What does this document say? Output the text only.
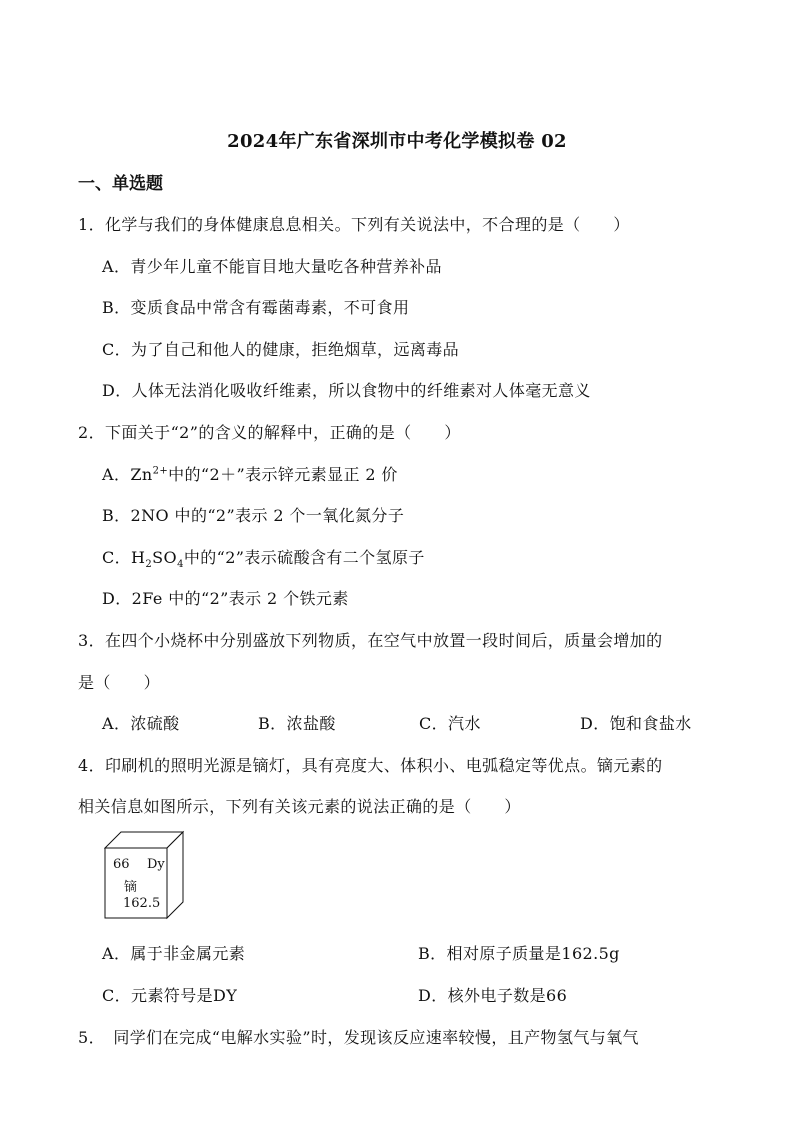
2024年广东省深圳市中考化学模拟卷 02
一、单选题
1．化学与我们的身体健康息息相关。下列有关说法中，不合理的是（　　）
A．青少年儿童不能盲目地大量吃各种营养补品
B．变质食品中常含有霉菌毒素，不可食用
C．为了自己和他人的健康，拒绝烟草，远离毒品
D．人体无法消化吸收纤维素，所以食物中的纤维素对人体毫无意义
2．下面关于“2”的含义的解释中，正确的是（　　）
A．$Zn^{2+}$中的“2＋”表示锌元素显正 2 价
B．2NO 中的“2”表示 2 个一氧化氮分子
C．$H_2SO_4$中的“2”表示硫酸含有二个氢原子
D．2Fe 中的“2”表示 2 个铁元素
3．在四个小烧杯中分别盛放下列物质，在空气中放置一段时间后，质量会增加的
是（　　）
A．浓硫酸	B．浓盐酸	C．汽水	D．饱和食盐水
4．印刷机的照明光源是镝灯，具有亮度大、体积小、电弧稳定等优点。镝元素的
相关信息如图所示，下列有关该元素的说法正确的是（　　）
66 Dy
镝
162.5
A．属于非金属元素	B．相对原子质量是162.5g
C．元素符号是DY	D．核外电子数是66
5．　同学们在完成“电解水实验”时，发现该反应速率较慢，且产物氢气与氧气
